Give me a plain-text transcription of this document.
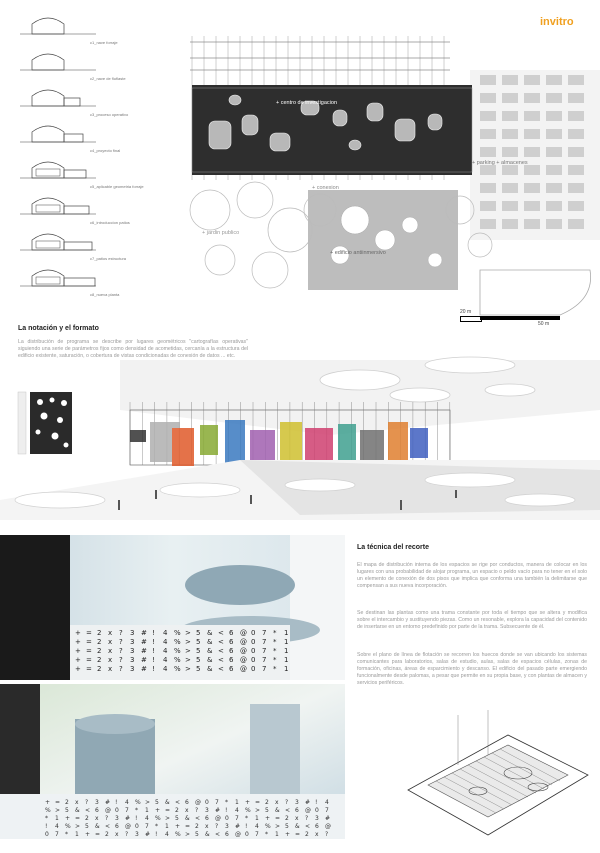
invitro
c1_nave forraje
c2_nave de fluflaste
c3_proceso operativo
c4_proyecto final
c5_aplicable geometria forraje
c6_introduccion patios
c7_patios estructura
c8_nueva planta
+ centro de investigacion
+ parking + almacenes
+ conexion
+ jardin publico
+ edificio antiinmersivo
20 m
50 m
La notación y el formato
La distribución de programa se describe por lugares geométricos "cartografías operativas" siguiendo una serie de parámetros fijos como densidad de acometidas, cercanía a la estructura del edificio existente, saturación, o cobertura de vistas condicionadas de conexión de datos ... etc.
+ = 2 x ? 3 # ! 4 % > 5 & < 6 @ 0 7 * 1
+ = 2 x ? 3 # ! 4 % > 5 & < 6 @ 0 7 * 1
+ = 2 x ? 3 # ! 4 % > 5 & < 6 @ 0 7 * 1
+ = 2 x ? 3 # ! 4 % > 5 & < 6 @ 0 7 * 1
+ = 2 x ? 3 # ! 4 % > 5 & < 6 @ 0 7 * 1
+ = 2 x ? 3 # ! 4 % > 5 & < 6 @ 0 7 * 1 + = 2 x ? 3 # ! 4
% > 5 & < 6 @ 0 7 * 1 + = 2 x ? 3 # ! 4 % > 5 & < 6 @ 0 7
* 1 + = 2 x ? 3 # ! 4 % > 5 & < 6 @ 0 7 * 1 + = 2 x ? 3 #
! 4 % > 5 & < 6 @ 0 7 * 1 + = 2 x ? 3 # ! 4 % > 5 & < 6 @
0 7 * 1 + = 2 x ? 3 # ! 4 % > 5 & < 6 @ 0 7 * 1 + = 2 x ?
La técnica del recorte

El mapa de distribución interna de los espacios se rige por conductos, manera de colocar en los lugares con una probabilidad de alojar programa, un espacio o peldo vacío para no tener en el solo un elemento de conexión de dos pisos que implica que conforma una también la delimitarse que compensan a sus nueva incorporación.

Se destinan las plantas como una trama constante por toda el tiempo que se altera y modifica sobre el intercambio y sustituyendo piezas. Como un resonable, explora la capacidad del contenido de insertarse en un entorno predefinido por parte de la trama. Subsecuente de él.

Sobre el plano de línea de flotación se recorren los huecos donde se van ubicando los sistemas comunicantes para laboratorios, salas de estudio, aulas, salas de espacios células, zonas de formación, oficinas, áreas de esparcimiento y descanso. El edificio del pasado parte emergiendo funcionalmente desde palomas, a pesar que permite en su propia base, y con plantas de almacen y servicios periféricos.
